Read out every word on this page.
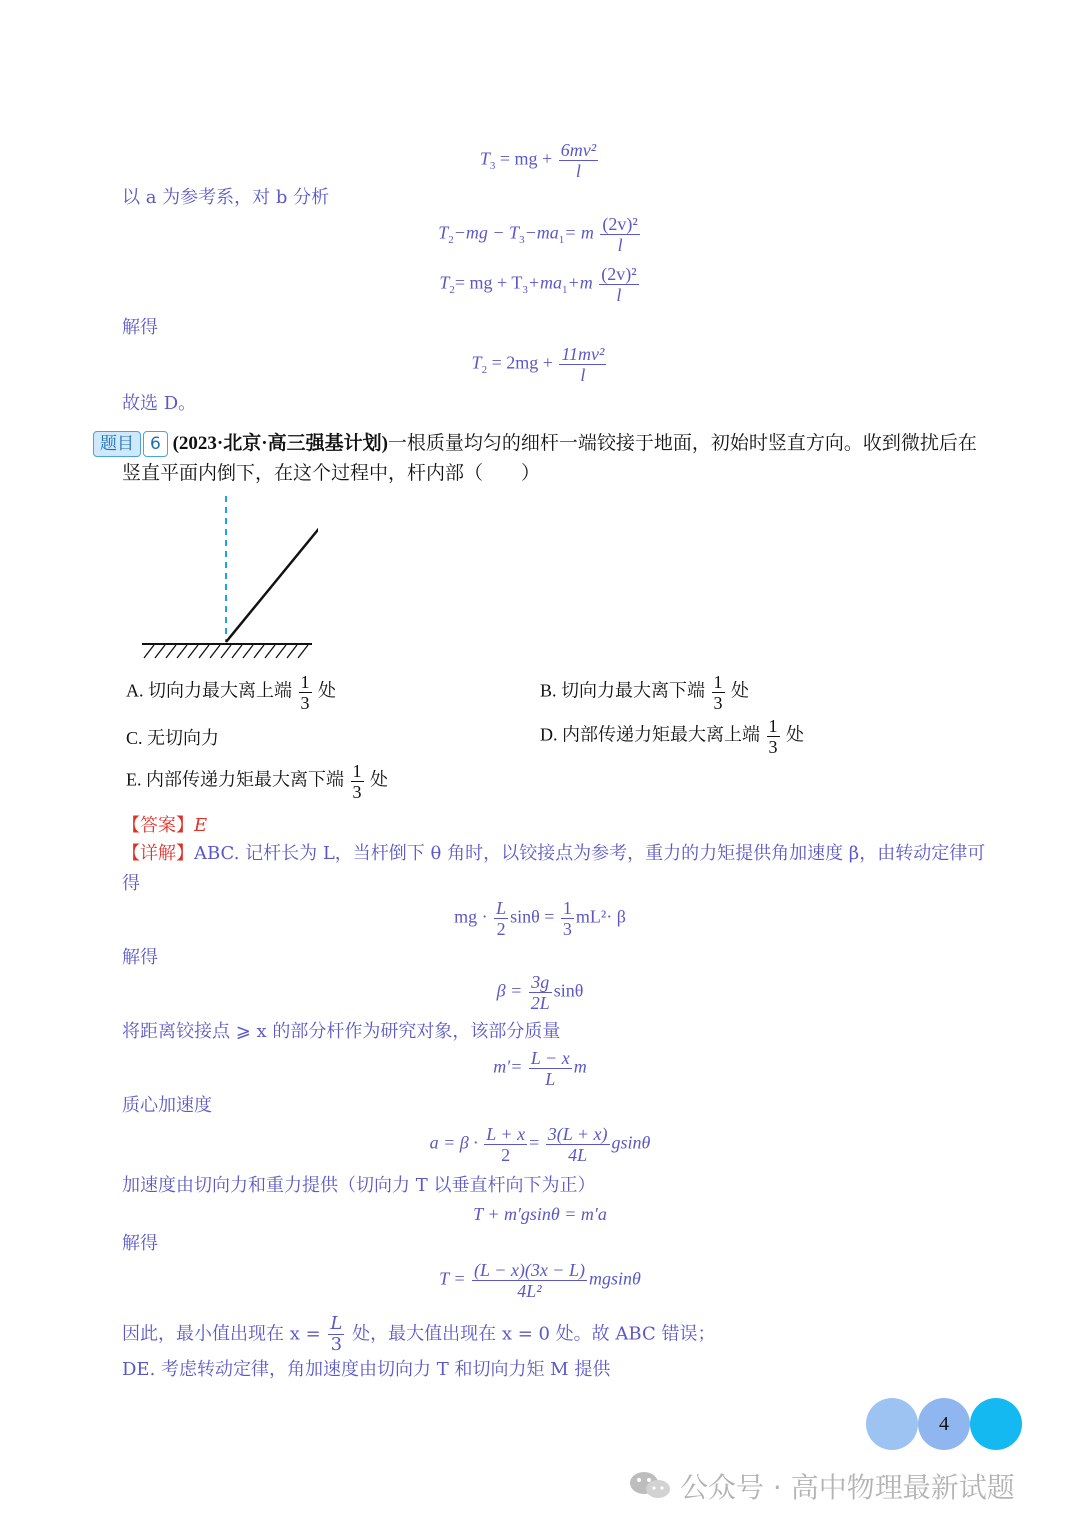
$T_3$ = mg + $\frac{\text{6mv²}}{l}$
以 a 为参考系，对 b 分析
$T_2-mg - T_3-ma_1= m \frac{\text{(2v)²}}{l}$
$T_2=$ mg + $T_3+ma_1+m \frac{\text{(2v)²}}{l}$
解得
$T_2 = 2mg + \frac{\text{11mv²}}{l}$
故选 D。
题目 6 (2023·北京·高三强基计划)一根质量均匀的细杆一端铰接于地面，初始时竖直方向。收到微扰后在
竖直平面内倒下，在这个过程中，杆内部（　　）
A. 切向力最大离上端 $\frac{1}{3}$ 处	B. 切向力最大离下端 $\frac{1}{3}$ 处
C. 无切向力	D. 内部传递力矩最大离上端 $\frac{1}{3}$ 处
E. 内部传递力矩最大离下端 $\frac{1}{3}$ 处
【答案】E
【详解】ABC. 记杆长为 L，当杆倒下 θ 角时，以铰接点为参考，重力的力矩提供角加速度 β，由转动定律可
得
mg · $\frac{L}{2}$ $\sin\theta = \frac{1}{3} mL^2\cdot \beta$
解得
$\beta = \frac{3g}{2L}$ sinθ
将距离铰接点 ⩾ x 的部分杆作为研究对象，该部分质量
$m'= \frac{L - x}{L}$ m
质心加速度
$a = \beta \cdot \frac{L + x}{2} = \frac{3(L + x)}{4L}$ gsinθ
加速度由切向力和重力提供（切向力 T 以垂直杆向下为正）
T + m′gsinθ = m′a
解得
$T = \frac{(L - x)(3x - L)}{\text{4L²}}$ mgsinθ
因此，最小值出现在 $x = \frac{L}{3}$ 处，最大值出现在 x = 0 处。故 ABC 错误；
DE. 考虑转动定律，角加速度由切向力 T 和切向力矩 M 提供
4
公众号 · 高中物理最新试题
